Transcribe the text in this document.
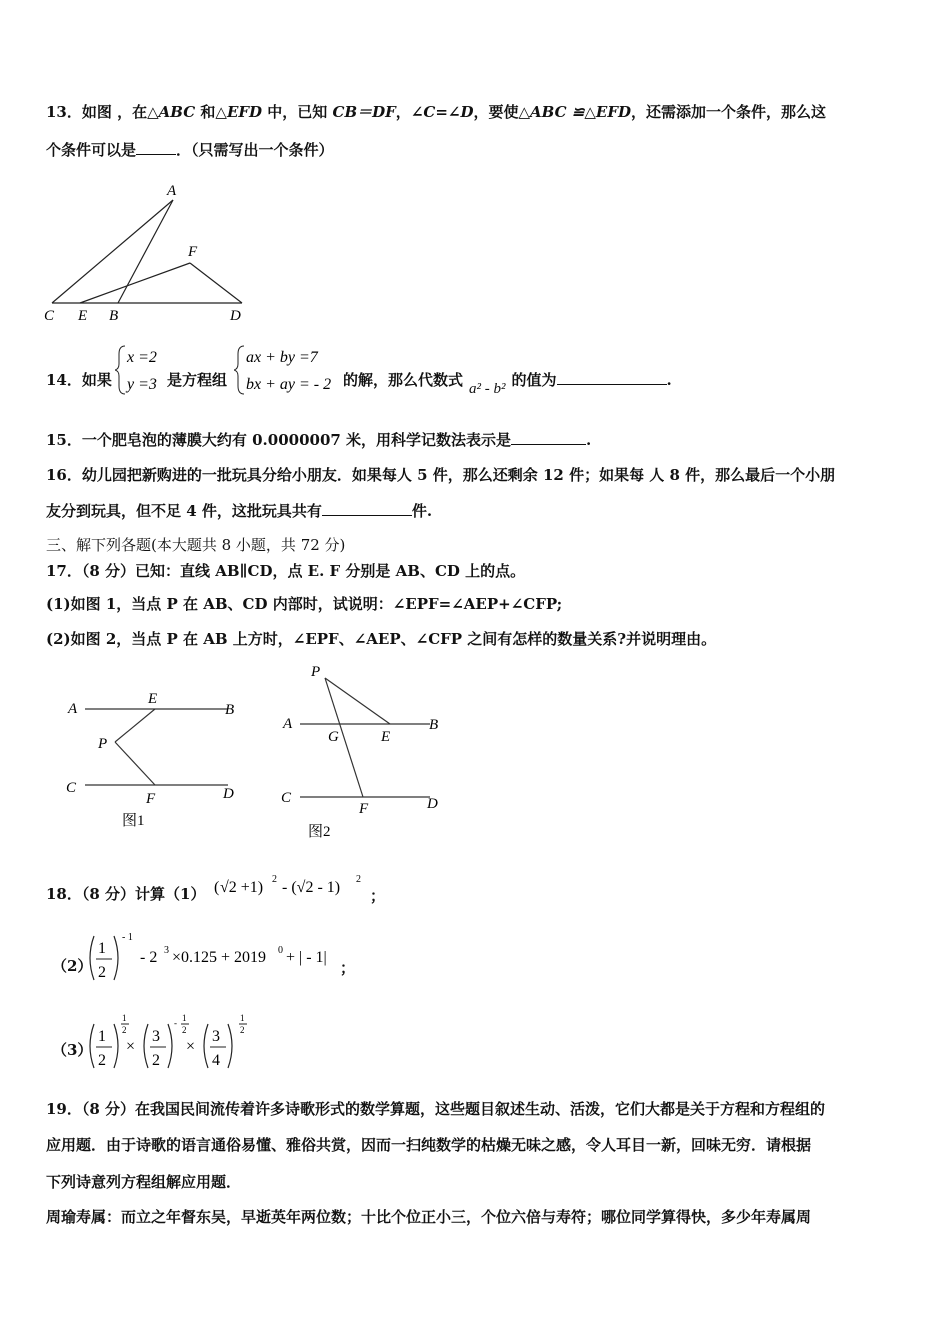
13．如图 ，在△ABC 和△EFD 中，已知 CB＝DF，∠C=∠D，要使△ABC ≌△EFD，还需添加一个条件，那么这
个条件可以是	．（只需写出一个条件）
A
F
C E B	D
14．如果
x =2
y =3 是方程组
ax + by =7
bx + ay = - 2 的解，那么代数式 a² - b² 的值为	.
15．一个肥皂泡的薄膜大约有 0.0000007 米，用科学记数法表示是	.
16．幼儿园把新购进的一批玩具分给小朋友．如果每人 5 件，那么还剩余 12 件；如果每 人 8 件，那么最后一个小朋
友分到玩具，但不足 4 件，这批玩具共有	件.
三、解下列各题(本大题共 8 小题，共 72 分)
17．（8 分）已知：直线 AB∥CD，点 E. F 分别是 AB、CD 上的点。
(1)如图 1，当点 P 在 AB、CD 内部时，试说明：∠EPF=∠AEP+∠CFP;
(2)如图 2，当点 P 在 AB 上方时，∠EPF、∠AEP、∠CFP 之间有怎样的数量关系?并说明理由。
A
E
B
P
C
F	D
图1
P
A
G	E
B
C
F	D
图2
18．（8 分）计算（1） ( √2 +1) 2 - (√2 - 1) 2
(√2 +1)² - (√2 - 1)²	；
（2）
1
2
- 1
- 2 3 ×0.125 + 2019 0 + | - 1|
(1/2)⁻¹ - 2³×0.125 + 2019⁰ + | - 1|
；
（3）
1
2
3
2
3
4
×	×
1
2
- 1
2
1
2
(1/2)^(1/2) × (3/2)^(-1/2) × (3/4)^(1/2)
19．（8 分）在我国民间流传着许多诗歌形式的数学算题，这些题目叙述生动、活泼，它们大都是关于方程和方程组的
应用题．由于诗歌的语言通俗易懂、雅俗共赏，因而一扫纯数学的枯燥无味之感，令人耳目一新，回味无穷．请根据
下列诗意列方程组解应用题．
周瑜寿属：而立之年督东吴，早逝英年两位数；十比个位正小三，个位六倍与寿符；哪位同学算得快，多少年寿属周
